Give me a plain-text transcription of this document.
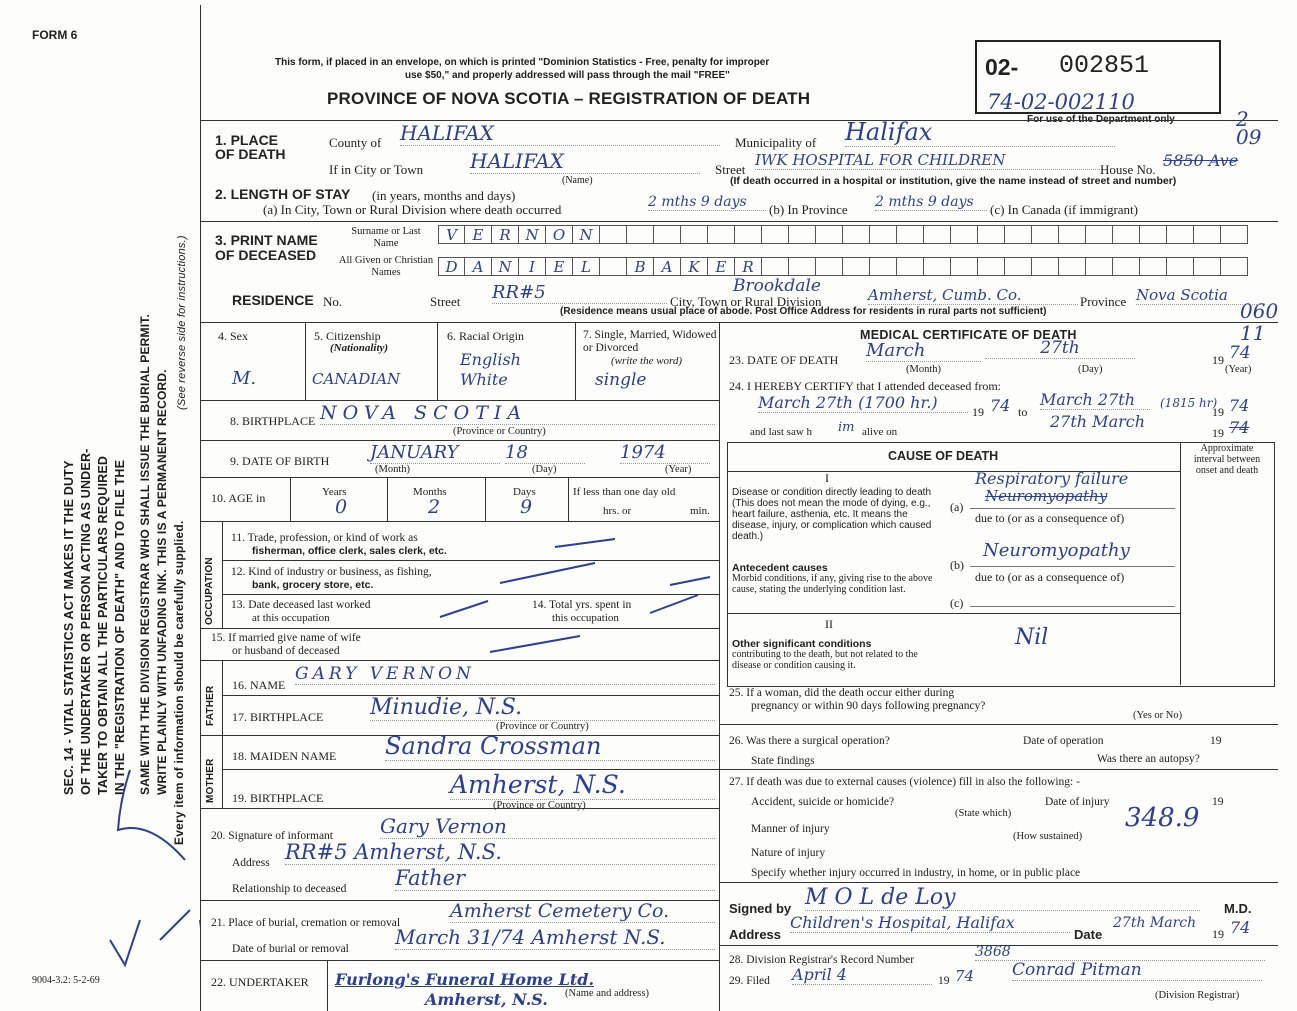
FORM 6
9004-3.2: 5-2-69
SEC. 14 - VITAL STATISTICS ACT MAKES IT THE DUTY OF THE UNDERTAKER OR PERSON ACTING AS UNDER- TAKER TO OBTAIN ALL THE PARTICULARS REQUIRED IN THE "REGISTRATION OF DEATH" AND TO FILE THE SAME WITH THE DIVISION REGISTRAR WHO SHALL ISSUE THE BURIAL PERMIT. WRITE PLAINLY WITH UNFADING INK. THIS IS A PERMANENT RECORD. Every item of information should be carefully supplied.
(See reverse side for instructions.)
This form, if placed in an envelope, on which is printed "Dominion Statistics - Free, penalty for improper
use $50," and properly addressed will pass through the mail "FREE"
PROVINCE OF NOVA SCOTIA – REGISTRATION OF DEATH
02- 002851
74-02-002110
For use of the Department only	2 09
060 11
1. PLACE OF DEATH
County of HALIFAX	Municipality of Halifax
If in City or Town HALIFAX
(Name)
Street
IWK HOSPITAL FOR CHILDREN
House No. 5850 Ave
(If death occurred in a hospital or institution, give the name instead of street and number)
2. LENGTH OF STAY (in years, months and days)
(a) In City, Town or Rural Division where death occurred	2 mths 9 days	(b) In Province 2 mths 9 days	(c) In Canada (if immigrant)
3. PRINT NAME OF DECEASED
Surname or Last Name
All Given or Christian Names
V	E	R N O N
D	A	N	I	E	L	B	A	K	E	R
RESIDENCE No.	Street RR#5	Brookdale
City, Town or Rural Division	Amherst, Cumb. Co.	Province Nova Scotia
(Residence means usual place of abode. Post Office Address for residents in rural parts not sufficient)
4. Sex
M.
5. Citizenship
(Nationality)
CANADIAN
6. Racial Origin
English White
7. Single, Married, Widowed or Divorced
(write the word)
single
8. BIRTHPLACE NOVA SCOTIA
(Province or Country)
9. DATE OF BIRTH JANUARY	18	1974
(Month)	(Day)	(Year)
10. AGE in	Years	Months	Days
0	2	9
If less than one day old
hrs. or	min.
OCCUPATION
11. Trade, profession, or kind of work as
fisherman, office clerk, sales clerk, etc.
12. Kind of industry or business, as fishing,
bank, grocery store, etc.
13. Date deceased last worked
at this occupation
14. Total yrs. spent in
this occupation
15. If married give name of wife
or husband of deceased
FATHER
16. NAME
GARY VERNON
17. BIRTHPLACE Minudie, N.S.
(Province or Country)
MOTHER
18. MAIDEN NAME Sandra Crossman
19. BIRTHPLACE	Amherst, N.S.
(Province or Country)
20. Signature of informant Gary Vernon
Address RR#5 Amherst, N.S.
Relationship to deceased Father
21. Place of burial, cremation or removal
Amherst Cemetery Co.
Date of burial or removal March 31/74 Amherst N.S.
22. UNDERTAKER Furlong's Funeral Home Ltd.
Amherst, N.S. (Name and address)
MEDICAL CERTIFICATE OF DEATH
23. DATE OF DEATH March	27th
19 74
(Month)	(Day)	(Year)
24. I HEREBY CERTIFY that I attended deceased from:
March 27th (1700 hr.)	19 74 to
March 27th	(1815 hr)
19 74
and last saw h im alive on
27th March
19 74
CAUSE OF DEATH
Approximate interval between onset and death
I
Disease or condition directly leading to death (This does not mean the mode of dying, e.g., heart failure, asthenia, etc. It means the disease, injury, or complication which caused death.)
(a)
Respiratory failure
Neuromyopathy
due to (or as a consequence of)
Antecedent causes
Morbid conditions, if any, giving rise to the above cause, stating the underlying condition last.
(b)
Neuromyopathy
due to (or as a consequence of)
(c)
II
Other significant conditions
contributing to the death, but not related to the disease or condition causing it.
Nil
25. If a woman, did the death occur either during
pregnancy or within 90 days following pregnancy?
(Yes or No)
26. Was there a surgical operation?	Date of operation	19
State findings	Was there an autopsy?
27. If death was due to external causes (violence) fill in also the following: -
Accident, suicide or homicide?	Date of injury	19
(State which)	348.9
Manner of injury
(How sustained)
Nature of injury
Specify whether injury occurred in industry, in home, or in public place
Signed by M O L de Loy	M.D.
Address
Children's Hospital, Halifax
Date
27th March
19 74
28. Division Registrar's Record Number	3868
29. Filed April 4	19 74 Conrad Pitman
(Division Registrar)
